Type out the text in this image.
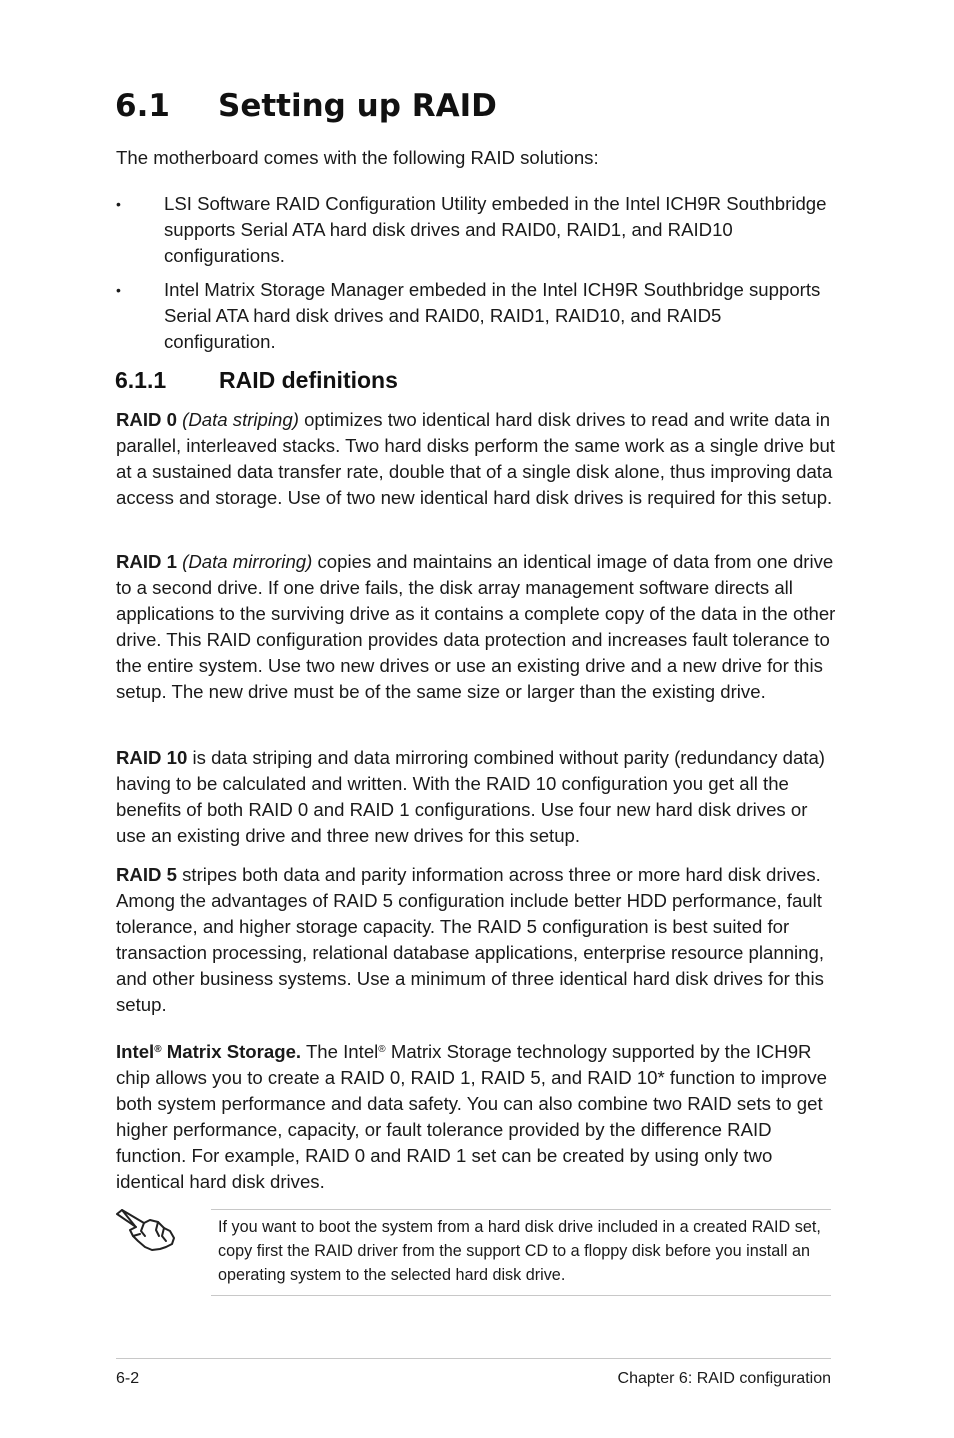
6.1 Setting up RAID
The motherboard comes with the following RAID solutions:
• LSI Software RAID Configuration Utility embeded in the Intel ICH9R Southbridge supports Serial ATA hard disk drives and RAID0, RAID1, and RAID10 configurations.
• Intel Matrix Storage Manager embeded in the Intel ICH9R Southbridge supports Serial ATA hard disk drives and RAID0, RAID1, RAID10, and RAID5 configuration.
6.1.1 RAID definitions
RAID 0 (Data striping) optimizes two identical hard disk drives to read and write data in parallel, interleaved stacks. Two hard disks perform the same work as a single drive but at a sustained data transfer rate, double that of a single disk alone, thus improving data access and storage. Use of two new identical hard disk drives is required for this setup.
RAID 1 (Data mirroring) copies and maintains an identical image of data from one drive to a second drive. If one drive fails, the disk array management software directs all applications to the surviving drive as it contains a complete copy of the data in the other drive. This RAID configuration provides data protection and increases fault tolerance to the entire system. Use two new drives or use an existing drive and a new drive for this setup. The new drive must be of the same size or larger than the existing drive.
RAID 10 is data striping and data mirroring combined without parity (redundancy data) having to be calculated and written. With the RAID 10 configuration you get all the benefits of both RAID 0 and RAID 1 configurations. Use four new hard disk drives or use an existing drive and three new drives for this setup.
RAID 5 stripes both data and parity information across three or more hard disk drives. Among the advantages of RAID 5 configuration include better HDD performance, fault tolerance, and higher storage capacity. The RAID 5 configuration is best suited for transaction processing, relational database applications, enterprise resource planning, and other business systems. Use a minimum of three identical hard disk drives for this setup.
Intel® Matrix Storage. The Intel® Matrix Storage technology supported by the ICH9R chip allows you to create a RAID 0, RAID 1, RAID 5, and RAID 10* function to improve both system performance and data safety. You can also combine two RAID sets to get higher performance, capacity, or fault tolerance provided by the difference RAID function. For example, RAID 0 and RAID 1 set can be created by using only two identical hard disk drives.
If you want to boot the system from a hard disk drive included in a created RAID set, copy first the RAID driver from the support CD to a floppy disk before you install an operating system to the selected hard disk drive.
6-2	Chapter 6: RAID configuration
